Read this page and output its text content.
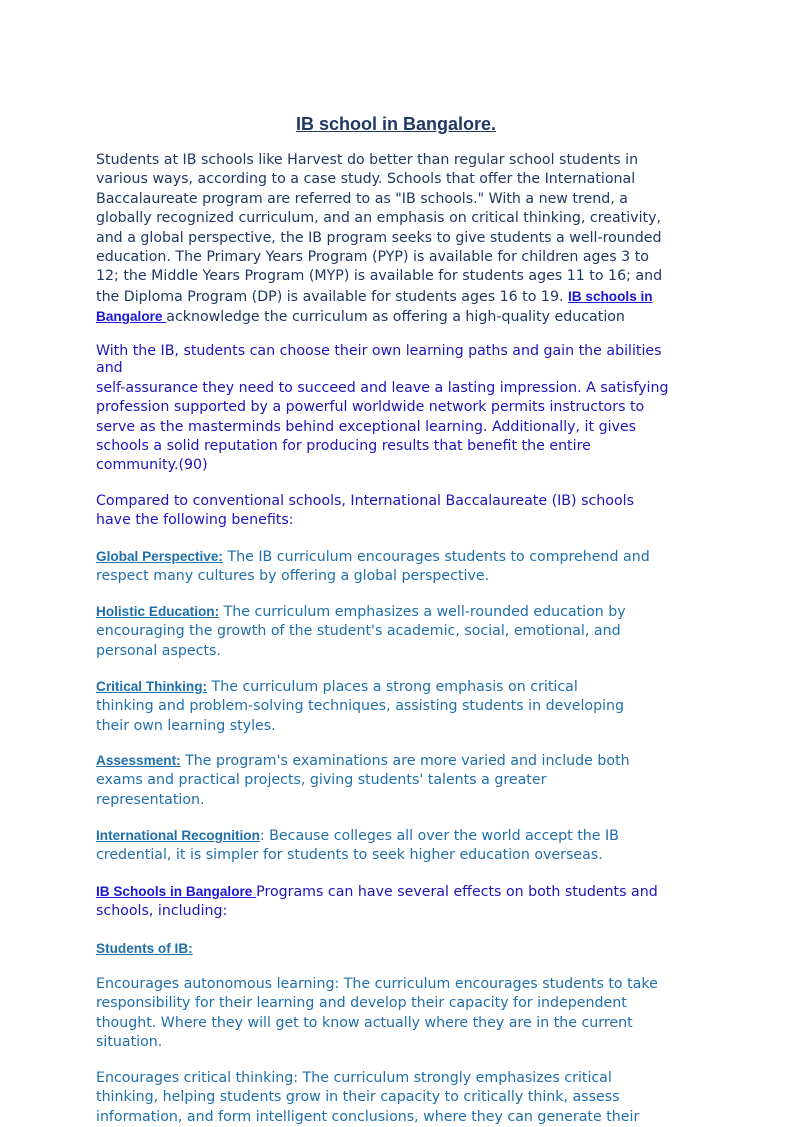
IB school in Bangalore.
Students at IB schools like Harvest do better than regular school students in
various ways, according to a case study. Schools that offer the International
Baccalaureate program are referred to as "IB schools." With a new trend, a
globally recognized curriculum, and an emphasis on critical thinking, creativity,
and a global perspective, the IB program seeks to give students a well-rounded
education. The Primary Years Program (PYP) is available for children ages 3 to
12; the Middle Years Program (MYP) is available for students ages 11 to 16; and
the Diploma Program (DP) is available for students ages 16 to 19. IB schools in
Bangalore acknowledge the curriculum as offering a high-quality education
With the IB, students can choose their own learning paths and gain the abilities
and
self-assurance they need to succeed and leave a lasting impression. A satisfying
profession supported by a powerful worldwide network permits instructors to
serve as the masterminds behind exceptional learning. Additionally, it gives
schools a solid reputation for producing results that benefit the entire
community.(90)
Compared to conventional schools, International Baccalaureate (IB) schools
have the following benefits:
Global Perspective: The IB curriculum encourages students to comprehend and
respect many cultures by offering a global perspective.
Holistic Education: The curriculum emphasizes a well-rounded education by
encouraging the growth of the student's academic, social, emotional, and
personal aspects.
Critical Thinking: The curriculum places a strong emphasis on critical
thinking and problem-solving techniques, assisting students in developing
their own learning styles.
Assessment: The program's examinations are more varied and include both
exams and practical projects, giving students' talents a greater
representation.
International Recognition: Because colleges all over the world accept the IB
credential, it is simpler for students to seek higher education overseas.
IB Schools in Bangalore Programs can have several effects on both students and
schools, including:
Students of IB:
Encourages autonomous learning: The curriculum encourages students to take
responsibility for their learning and develop their capacity for independent
thought. Where they will get to know actually where they are in the current
situation.
Encourages critical thinking: The curriculum strongly emphasizes critical
thinking, helping students grow in their capacity to critically think, assess
information, and form intelligent conclusions, where they can generate their
